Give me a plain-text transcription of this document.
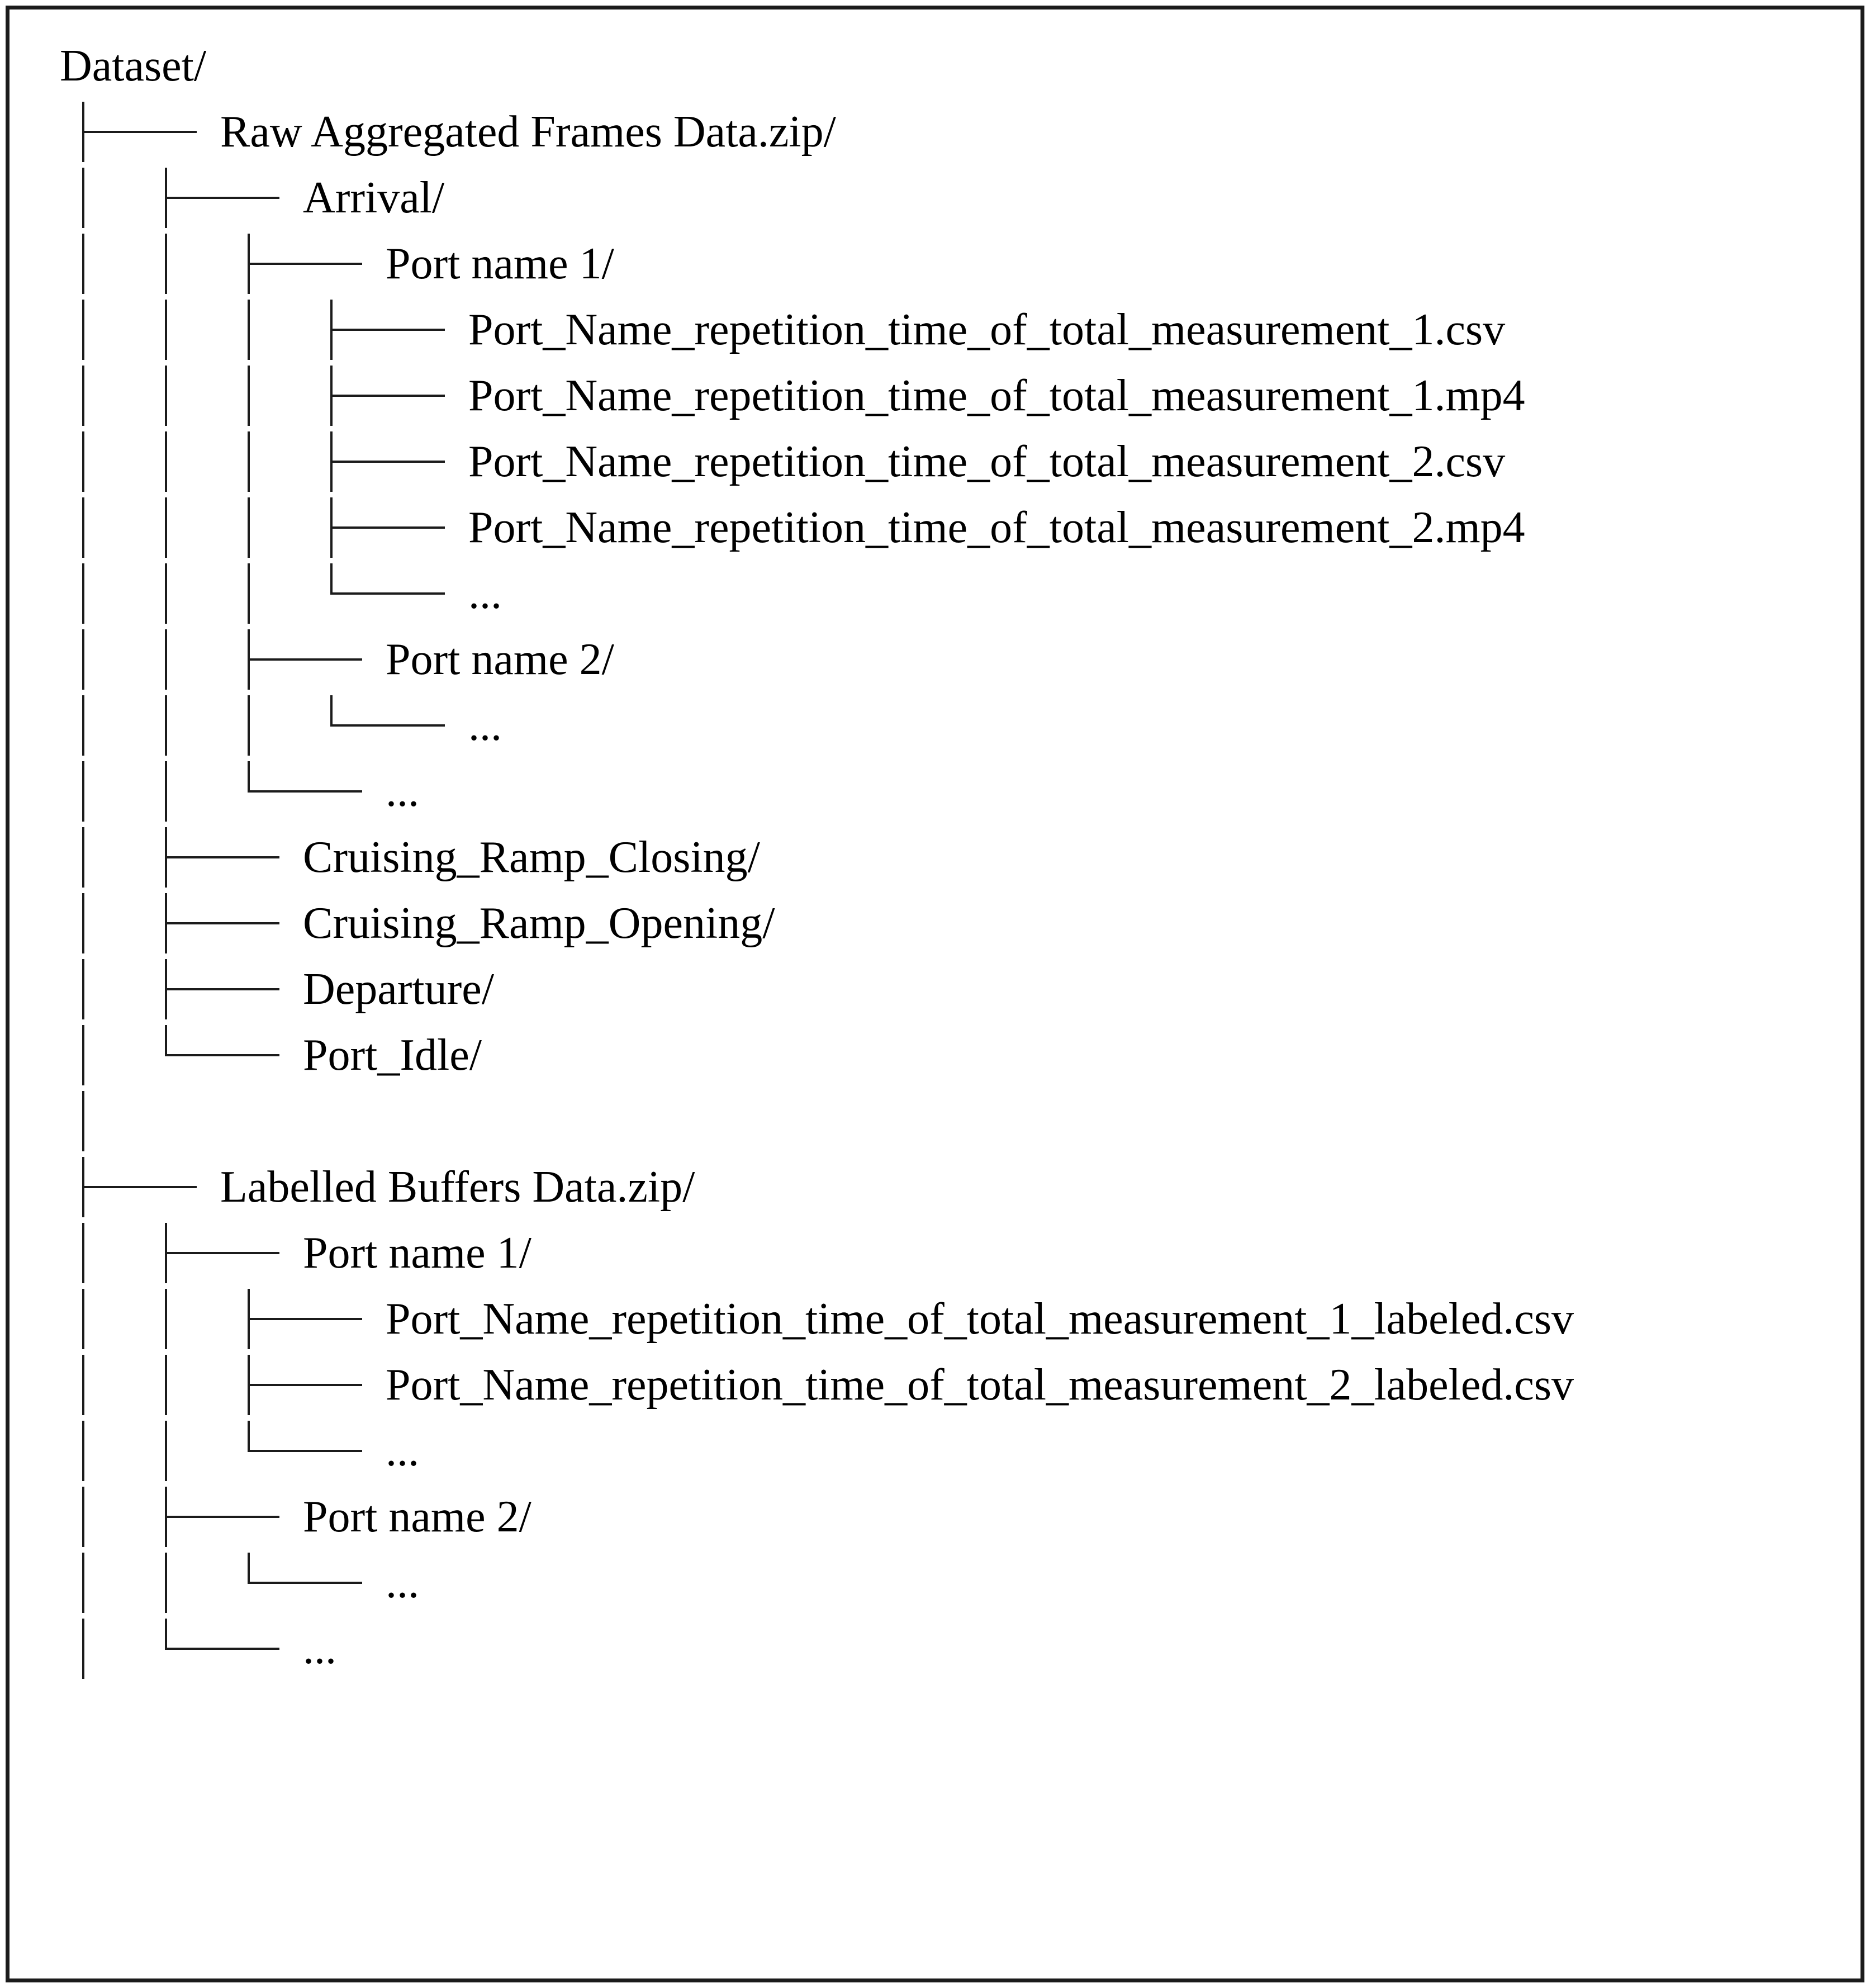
Dataset/
Raw Aggregated Frames Data.zip/
Arrival/
Port name 1/
Port_Name_repetition_time_of_total_measurement_1.csv
Port_Name_repetition_time_of_total_measurement_1.mp4
Port_Name_repetition_time_of_total_measurement_2.csv
Port_Name_repetition_time_of_total_measurement_2.mp4
...
Port name 2/
...
...
Cruising_Ramp_Closing/
Cruising_Ramp_Opening/
Departure/
Port_Idle/
Labelled Buffers Data.zip/
Port name 1/
Port_Name_repetition_time_of_total_measurement_1_labeled.csv
Port_Name_repetition_time_of_total_measurement_2_labeled.csv
...
Port name 2/
...
...
